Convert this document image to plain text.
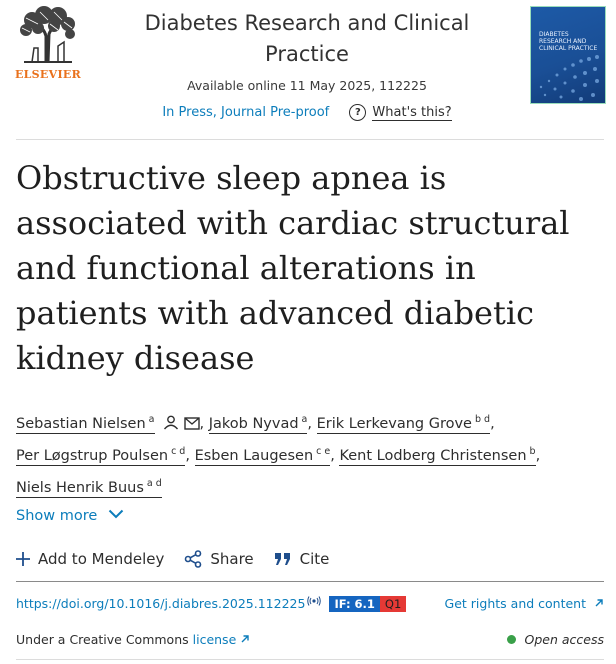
ELSEVIER
Diabetes Research and Clinical Practice
Available online 11 May 2025, 112225
In Press, Journal Pre-proof	? What's this?
DIABETES RESEARCH AND CLINICAL PRACTICE
Obstructive sleep apnea is associated with cardiac structural and functional alterations in patients with advanced diabetic kidney disease
Sebastian Nielsen $^a$	, Jakob Nyvad $^a$, Erik Lerkevang Grove $^{b d}$,
Per Løgstrup Poulsen $^{c d}$, Esben Laugesen $^{c e}$, Kent Lodberg Christensen $^b$,
Niels Henrik Buus $^{a d}$
Show more
Add to Mendeley	Share	Cite
https://doi.org/10.1016/j.diabres.2025.112225	IF: 6.1 Q1	Get rights and content
Under a Creative Commons license	Open access
